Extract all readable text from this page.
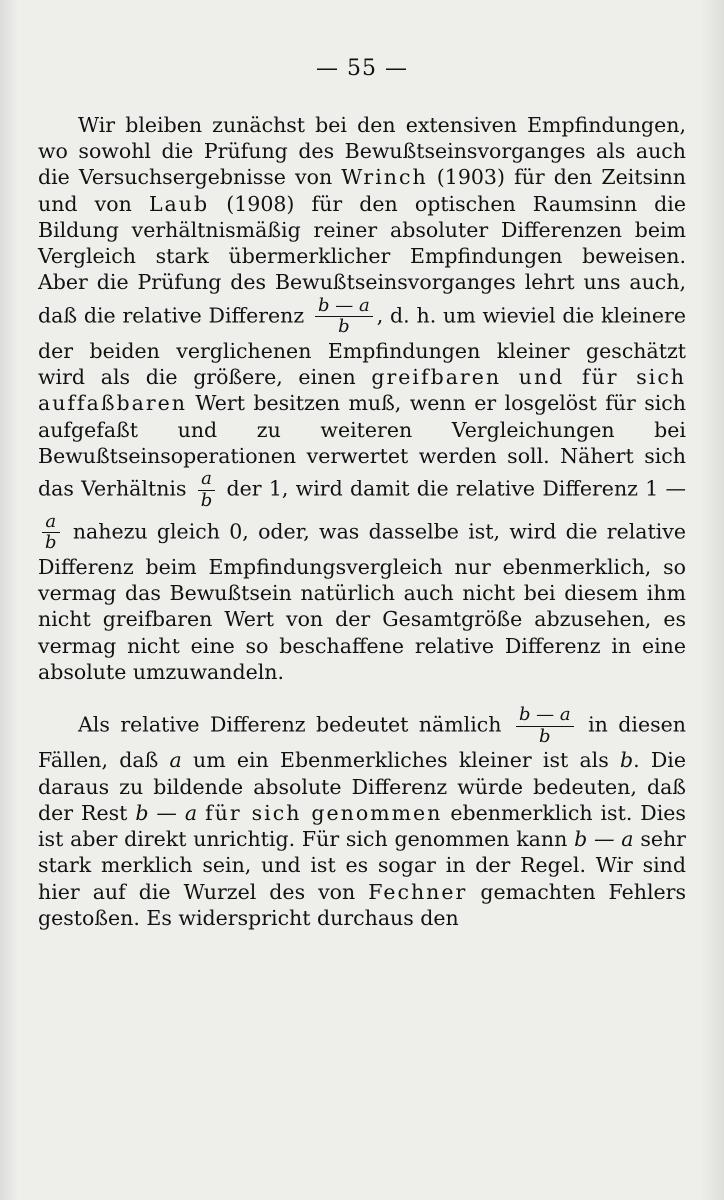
— 55 —

Wir bleiben zunächst bei den extensiven Empfindungen, wo sowohl die Prüfung des Bewußtseinsvorganges als auch die Versuchsergebnisse von Wrinch (1903) für den Zeitsinn und von Laub (1908) für den optischen Raumsinn die Bildung verhältnismäßig reiner absoluter Differenzen beim Vergleich stark übermerklicher Empfindungen beweisen. Aber die Prüfung des Bewußtseinsvorganges lehrt uns auch, daß die relative Differenz $\frac{b — a}{b}$ , d. h. um wieviel die kleinere der beiden verglichenen Empfindungen kleiner geschätzt wird als die größere, einen greifbaren und für sich auffaßbaren Wert besitzen muß, wenn er losgelöst für sich aufgefaßt und zu weiteren Vergleichungen bei Bewußtseinsoperationen verwertet werden soll. Nähert sich das Verhältnis $\frac{a}{b}$ der 1, wird damit die relative Differenz 1 —
$\frac{a}{b}$ nahezu gleich 0, oder, was dasselbe ist, wird die relative Differenz beim Empfindungsvergleich nur ebenmerklich, so vermag das Bewußtsein natürlich auch nicht bei diesem ihm nicht greifbaren Wert von der Gesamtgröße abzusehen, es vermag nicht eine so beschaffene relative Differenz in eine absolute umzuwandeln.

Als relative Differenz bedeutet nämlich $\frac{b — a}{b}$ in diesen Fällen, daß a um ein Ebenmerkliches kleiner ist als b. Die daraus zu bildende absolute Differenz würde bedeuten, daß der Rest b — a für sich genommen ebenmerklich ist. Dies ist aber direkt unrichtig. Für sich genommen kann b — a sehr stark merklich sein, und ist es sogar in der Regel. Wir sind hier auf die Wurzel des von Fechner gemachten Fehlers gestoßen. Es widerspricht durchaus den
